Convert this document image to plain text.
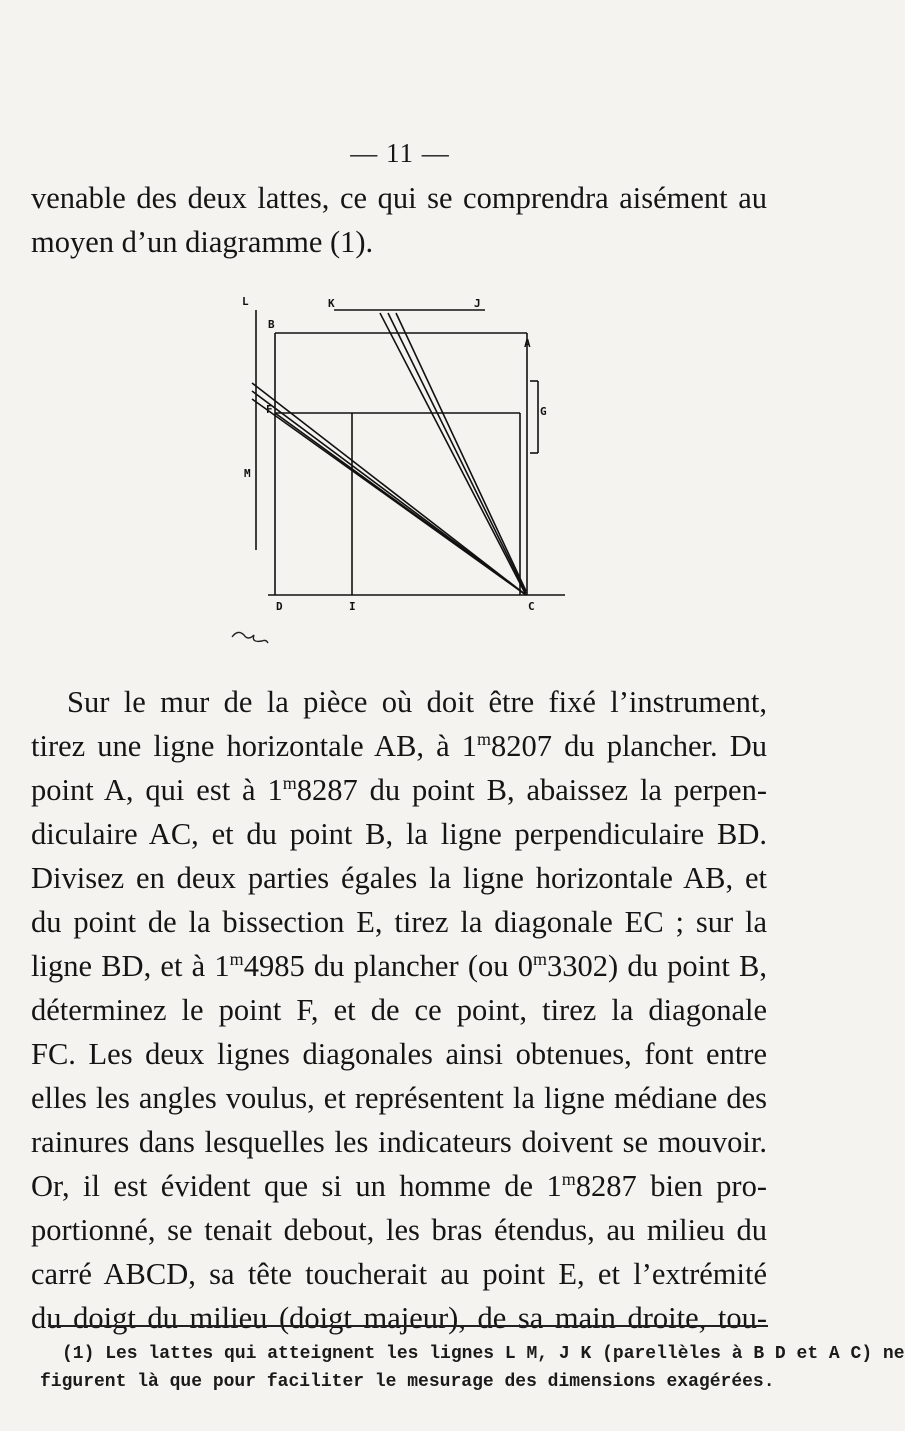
— 11 —
venable des deux lattes, ce qui se comprendra aisément au
moyen d’un diagramme (1).
L	K	J
B
A
F	G
M
D	I	C
Sur le mur de la pièce où doit être fixé l’instrument,
tirez une ligne horizontale AB, à 1$^m$8207 du plancher. Du
point A, qui est à 1$^m$8287 du point B, abaissez la perpen-
diculaire AC, et du point B, la ligne perpendiculaire BD.
Divisez en deux parties égales la ligne horizontale AB, et
du point de la bissection E, tirez la diagonale EC ; sur la
ligne BD, et à 1$^m$4985 du plancher (ou 0$^m$3302) du point B,
déterminez le point F, et de ce point, tirez la diagonale
FC. Les deux lignes diagonales ainsi obtenues, font entre
elles les angles voulus, et représentent la ligne médiane des
rainures dans lesquelles les indicateurs doivent se mouvoir.
Or, il est évident que si un homme de 1$^m$8287 bien pro-
portionné, se tenait debout, les bras étendus, au milieu du
carré ABCD, sa tête toucherait au point E, et l’extrémité
du doigt du milieu (doigt majeur), de sa main droite, tou-
(1) Les lattes qui atteignent les lignes L M, J K (parellèles à B D et A C) ne
figurent là que pour faciliter le mesurage des dimensions exagérées.
